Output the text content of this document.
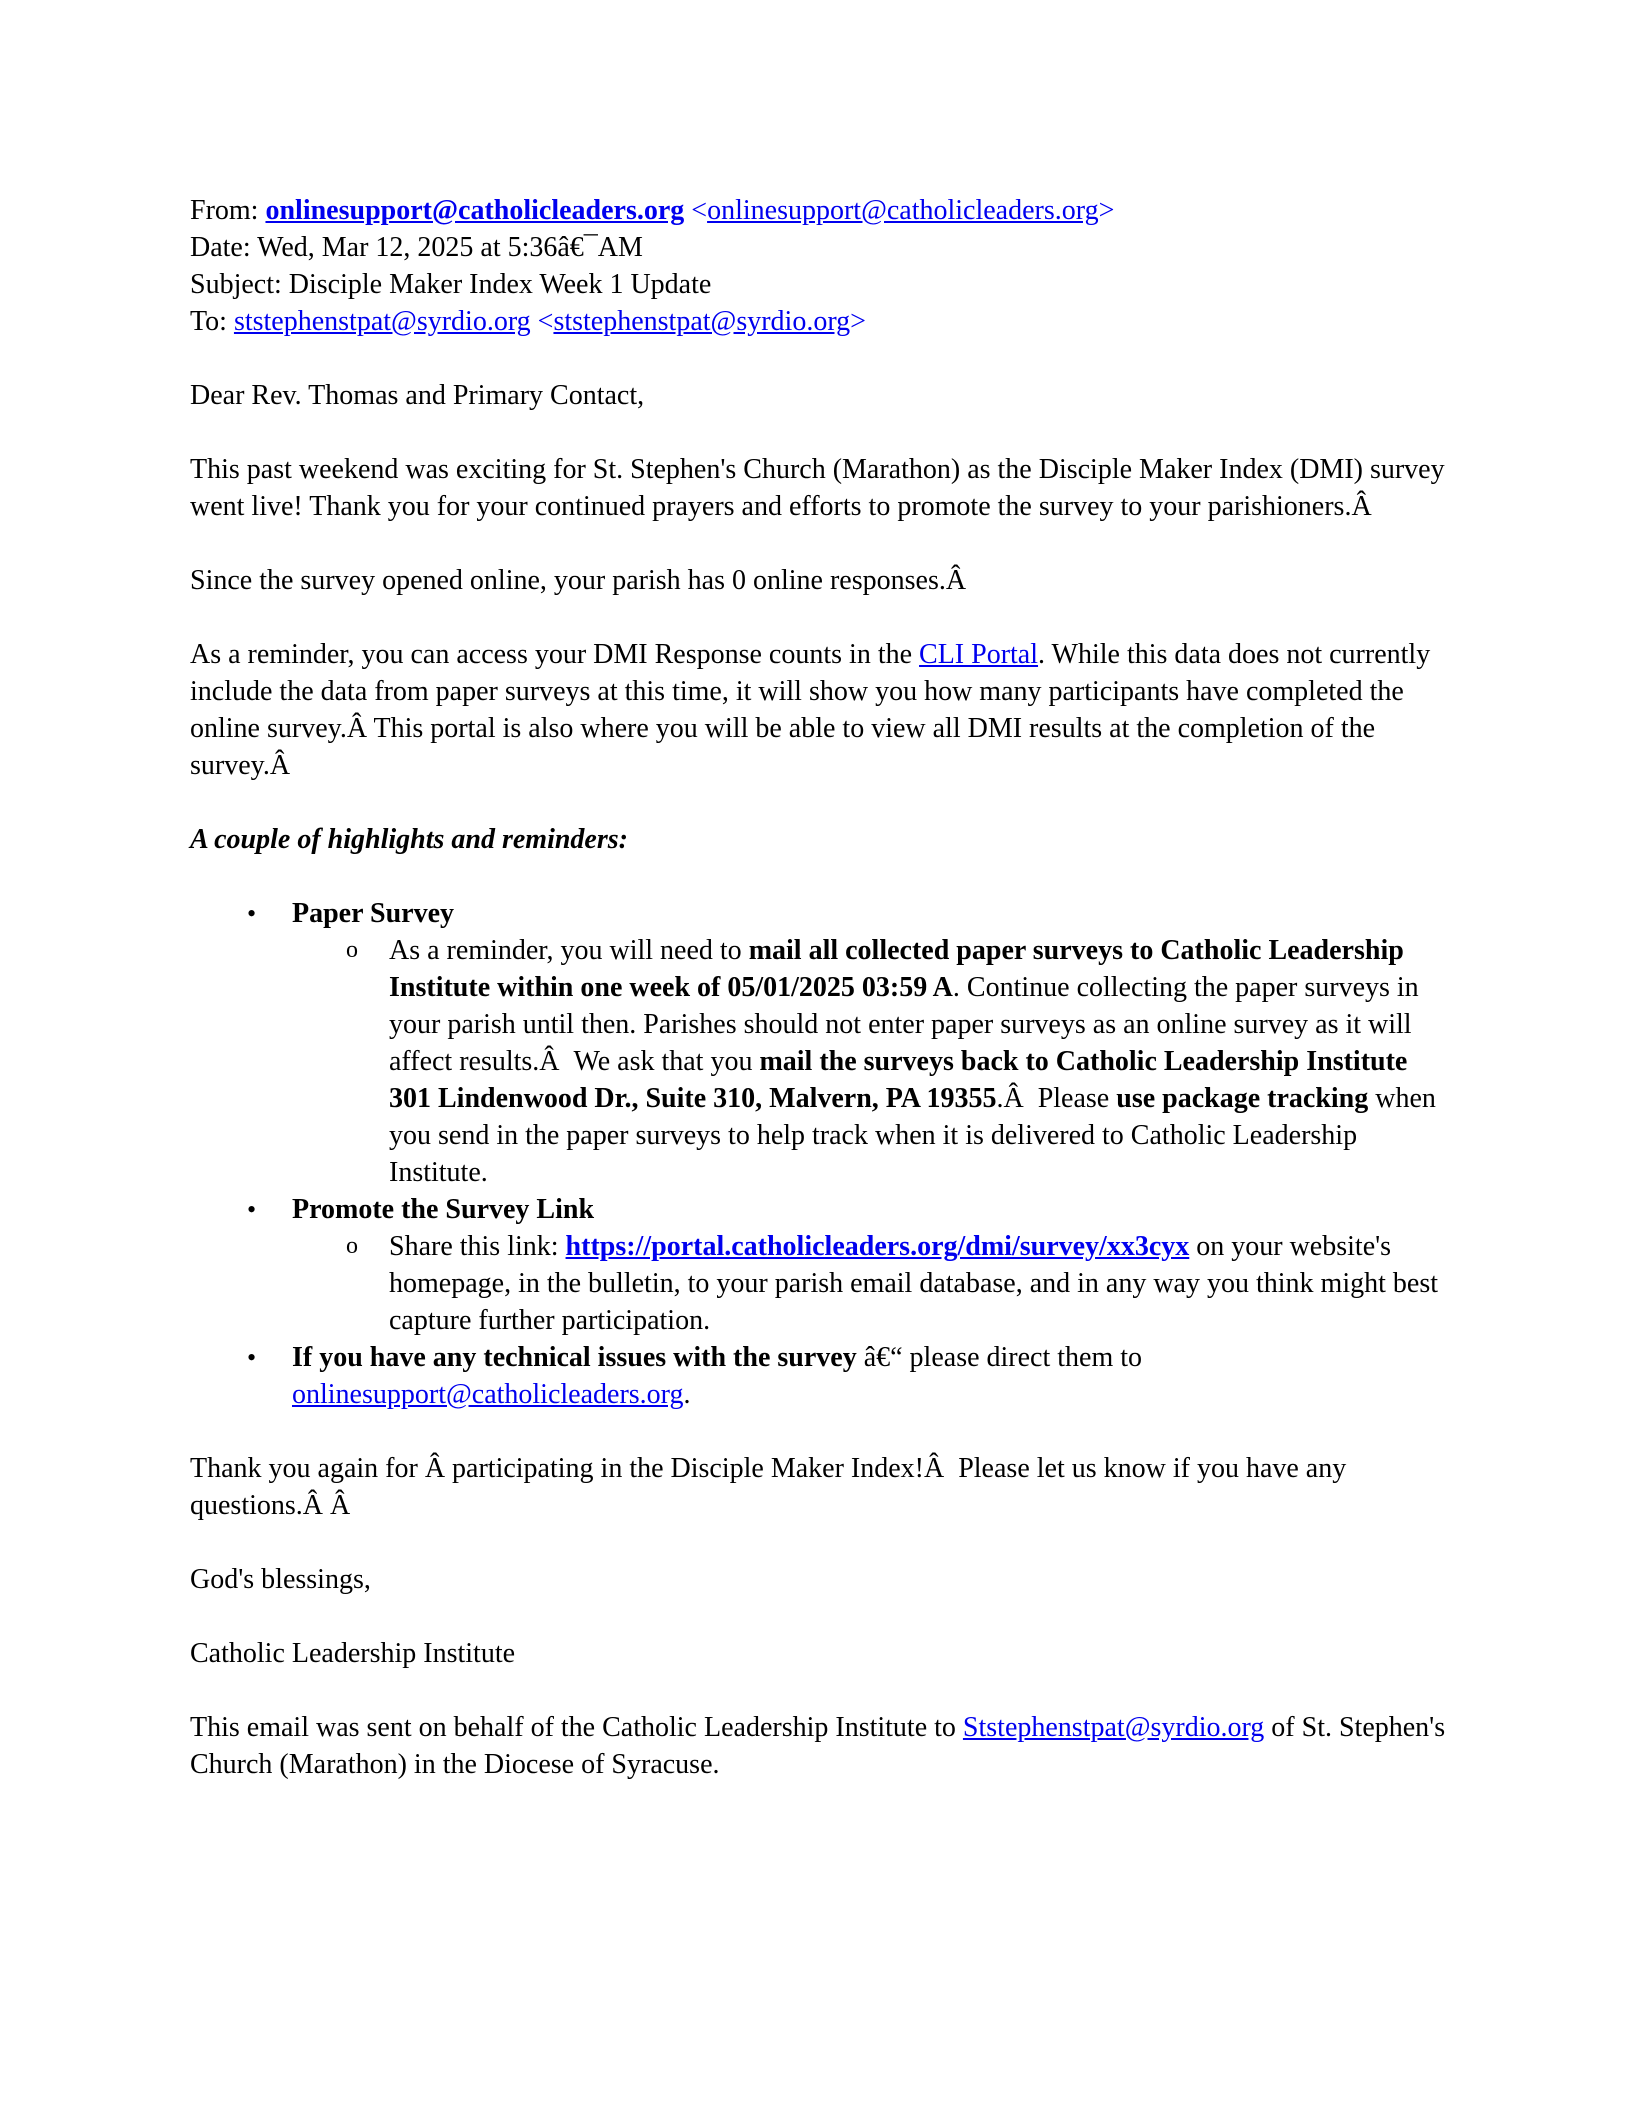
From: onlinesupport@catholicleaders.org <onlinesupport@catholicleaders.org>
Date: Wed, Mar 12, 2025 at 5:36â€¯AM
Subject: Disciple Maker Index Week 1 Update
To: ststephenstpat@syrdio.org <ststephenstpat@syrdio.org>

Dear Rev. Thomas and Primary Contact,

This past weekend was exciting for St. Stephen's Church (Marathon) as the Disciple Maker Index (DMI) survey went live! Thank you for your continued prayers and efforts to promote the survey to your parishioners.Â

Since the survey opened online, your parish has 0 online responses.Â

As a reminder, you can access your DMI Response counts in the CLI Portal. While this data does not currently include the data from paper surveys at this time, it will show you how many participants have completed the online survey.Â This portal is also where you will be able to view all DMI results at the completion of the survey.Â

A couple of highlights and reminders:

• Paper Survey
o As a reminder, you will need to mail all collected paper surveys to Catholic Leadership Institute within one week of 05/01/2025 03:59 A. Continue collecting the paper surveys in your parish until then. Parishes should not enter paper surveys as an online survey as it will affect results.Â  We ask that you mail the surveys back to Catholic Leadership Institute 301 Lindenwood Dr., Suite 310, Malvern, PA 19355.Â  Please use package tracking when you send in the paper surveys to help track when it is delivered to Catholic Leadership Institute.
• Promote the Survey Link
o Share this link: https://portal.catholicleaders.org/dmi/survey/xx3cyx on your website's homepage, in the bulletin, to your parish email database, and in any way you think might best capture further participation.
• If you have any technical issues with the survey â€“ please direct them to onlinesupport@catholicleaders.org.

Thank you again for Â participating in the Disciple Maker Index!Â  Please let us know if you have any questions.Â Â

God's blessings,

Catholic Leadership Institute

This email was sent on behalf of the Catholic Leadership Institute to Ststephenstpat@syrdio.org of St. Stephen's Church (Marathon) in the Diocese of Syracuse.
